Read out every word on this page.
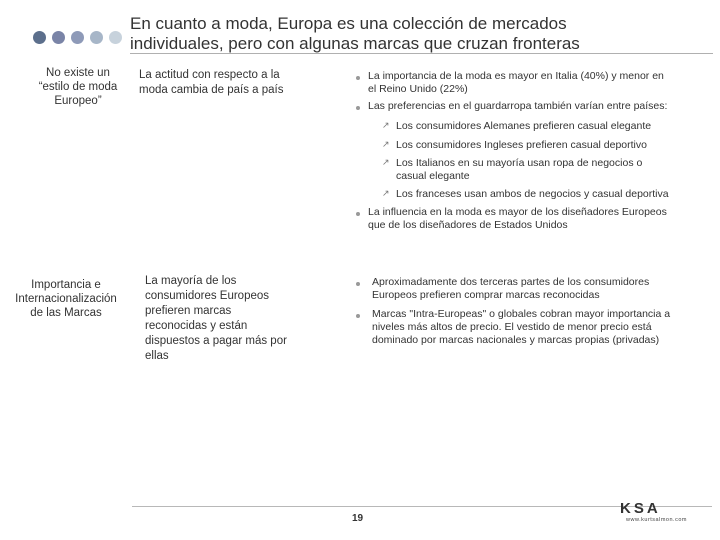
En cuanto a moda, Europa es una colección de mercados
individuales, pero con algunas marcas que cruzan fronteras
No existe un
“estilo de moda
Europeo”
La actitud con respecto a la
moda cambia de país a país
La importancia de la moda es mayor en Italia (40%) y menor en
el Reino Unido (22%)
Las preferencias en el guardarropa también varían entre países:
↗ Los consumidores Alemanes prefieren casual elegante
↗ Los consumidores Ingleses prefieren casual deportivo
↗ Los Italianos en su mayoría usan ropa de negocios o
casual elegante
↗ Los franceses usan ambos de negocios y casual deportiva
La influencia en la moda es mayor de los diseñadores Europeos
que de los diseñadores de Estados Unidos
Importancia e
Internacionalización
de las Marcas
La mayoría de los
consumidores Europeos
prefieren marcas
reconocidas y están
dispuestos a pagar más por
ellas
Aproximadamente dos terceras partes de los consumidores
Europeos prefieren comprar marcas reconocidas
Marcas "Intra-Europeas" o globales cobran mayor importancia a
niveles más altos de precio. El vestido de menor precio está
dominado por marcas nacionales y marcas propias (privadas)
19
KSA
www.kurtsalmon.com
